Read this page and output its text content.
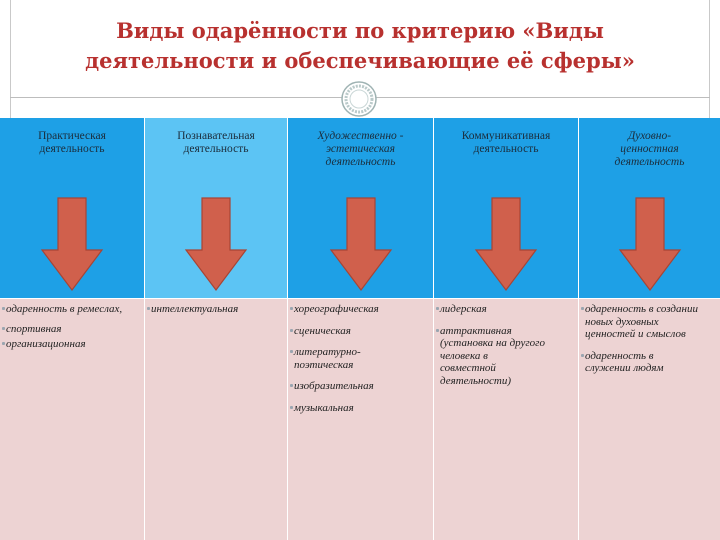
Виды одарённости по критерию «Виды
деятельности и обеспечивающие её сферы»
Практическая
деятельность
одаренность в ремеслах,
спортивная
организационная
Познавательная
деятельность
интеллектуальная
Художественно -
эстетическая
деятельность
хореографическая
сценическая
литературно-поэтическая
изобразительная
музыкальная
Коммуникативная
деятельность
лидерская
аттрактивная (установка на другого человека в совместной деятельности)
Духовно-
ценностная
деятельность
одаренность в создании новых духовных ценностей и смыслов
одаренность в служении людям
